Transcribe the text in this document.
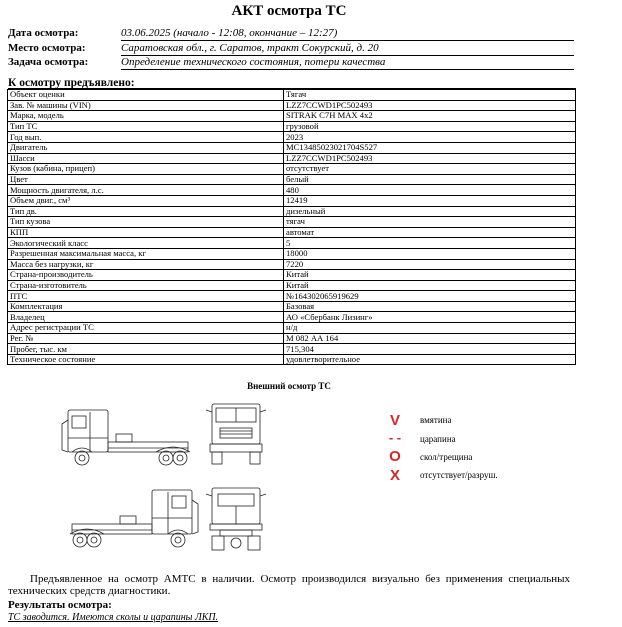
АКТ осмотра ТС
Дата осмотра:	03.06.2025 (начало - 12:08, окончание – 12:27)
Место осмотра:	Саратовская обл., г. Саратов, тракт Сокурский, д. 20
Задача осмотра:	Определение технического состояния, потери качества
К осмотру предъявлено:
Объект оценки	Тягач
Зав. № машины (VIN)	LZZ7CCWD1PC502493
Марка, модель	SITRAK C7H MAX 4x2
Тип ТС	грузовой
Год вып.	2023
Двигатель	MC13485023021704S527
Шасси	LZZ7CCWD1PC502493
Кузов (кабина, прицеп)	отсутствует
Цвет	белый
Мощность двигателя, л.с.	480
Объем двиг., см³	12419
Тип дв.	дизельный
Тип кузова	тягач
КПП	автомат
Экологический класс	5
Разрешенная максимальная масса, кг	18000
Масса без нагрузки, кг	7220
Страна-производитель	Китай
Страна-изготовитель	Китай
ПТС	№164302065919629
Комплектация	Базовая
Владелец	АО «Сбербанк Лизинг»
Адрес регистрации ТС	н/д
Рег. №	М 082 АА 164
Пробег, тыс. км	715,304
Техническое состояние	удовлетворительное
Внешний осмотр ТС
V	вмятина
- -	царапина
O	скол/трещина
X	отсутствует/разруш.
Предъявленное на осмотр АМТС в наличии. Осмотр производился визуально без применения специальных технических средств диагностики.
Результаты осмотра:
ТС заводится. Имеются сколы и царапины ЛКП.
